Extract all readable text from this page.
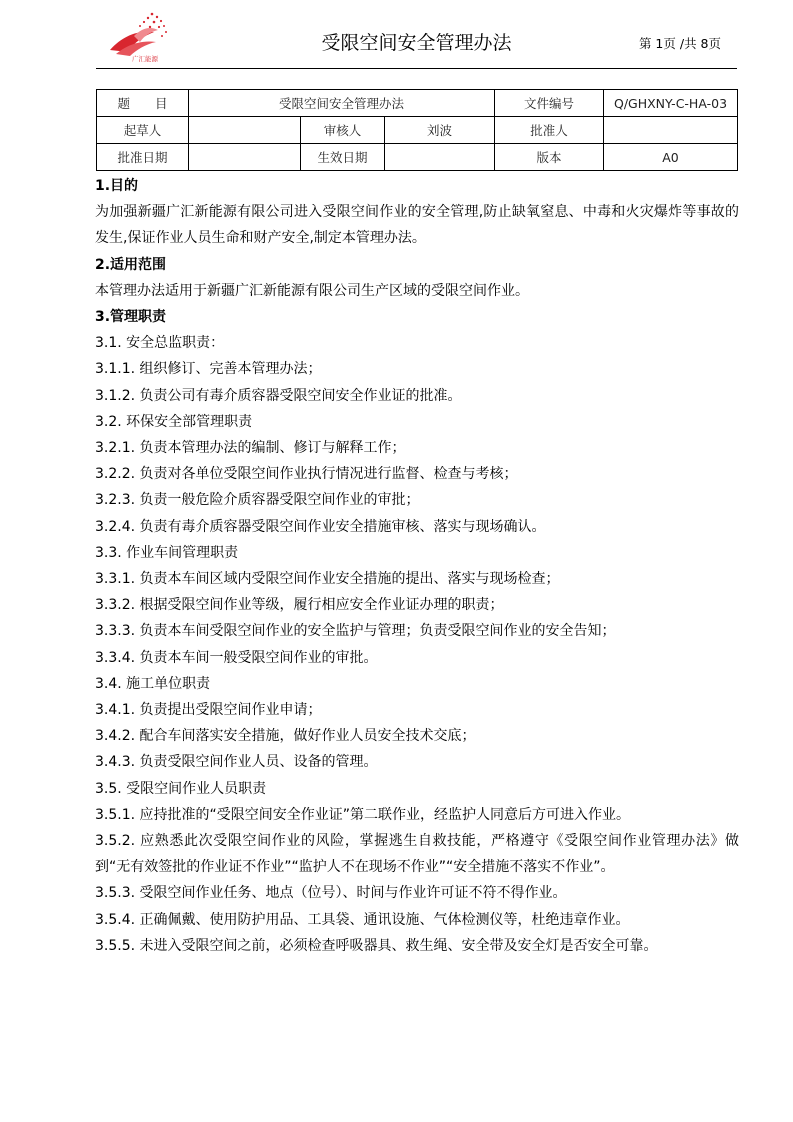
广汇能源
受限空间安全管理办法	第 1页 /共 8页
题　　目	受限空间安全管理办法			文件编号	Q/GHXNY-C-HA-03
起草人		审核人	刘波	批准人	
批准日期		生效日期		版本	A0

1.目的

为加强新疆广汇新能源有限公司进入受限空间作业的安全管理,防止缺氧窒息、中毒和火灾爆炸等事故的发生,保证作业人员生命和财产安全,制定本管理办法。

2.适用范围

本管理办法适用于新疆广汇新能源有限公司生产区域的受限空间作业。

3.管理职责

3.1. 安全总监职责：

3.1.1. 组织修订、完善本管理办法；

3.1.2. 负责公司有毒介质容器受限空间安全作业证的批准。

3.2. 环保安全部管理职责

3.2.1. 负责本管理办法的编制、修订与解释工作；

3.2.2. 负责对各单位受限空间作业执行情况进行监督、检查与考核；

3.2.3. 负责一般危险介质容器受限空间作业的审批；

3.2.4. 负责有毒介质容器受限空间作业安全措施审核、落实与现场确认。

3.3. 作业车间管理职责

3.3.1. 负责本车间区域内受限空间作业安全措施的提出、落实与现场检查；

3.3.2. 根据受限空间作业等级，履行相应安全作业证办理的职责；

3.3.3. 负责本车间受限空间作业的安全监护与管理；负责受限空间作业的安全告知；

3.3.4. 负责本车间一般受限空间作业的审批。

3.4. 施工单位职责

3.4.1. 负责提出受限空间作业申请；

3.4.2. 配合车间落实安全措施，做好作业人员安全技术交底；

3.4.3. 负责受限空间作业人员、设备的管理。

3.5. 受限空间作业人员职责

3.5.1. 应持批准的“受限空间安全作业证”第二联作业，经监护人同意后方可进入作业。

3.5.2. 应熟悉此次受限空间作业的风险，掌握逃生自救技能，严格遵守《受限空间作业管理办法》做到“无有效签批的作业证不作业”“监护人不在现场不作业”“安全措施不落实不作业”。

3.5.3. 受限空间作业任务、地点（位号）、时间与作业许可证不符不得作业。

3.5.4. 正确佩戴、使用防护用品、工具袋、通讯设施、气体检测仪等，杜绝违章作业。

3.5.5. 未进入受限空间之前，必须检查呼吸器具、救生绳、安全带及安全灯是否安全可靠。
